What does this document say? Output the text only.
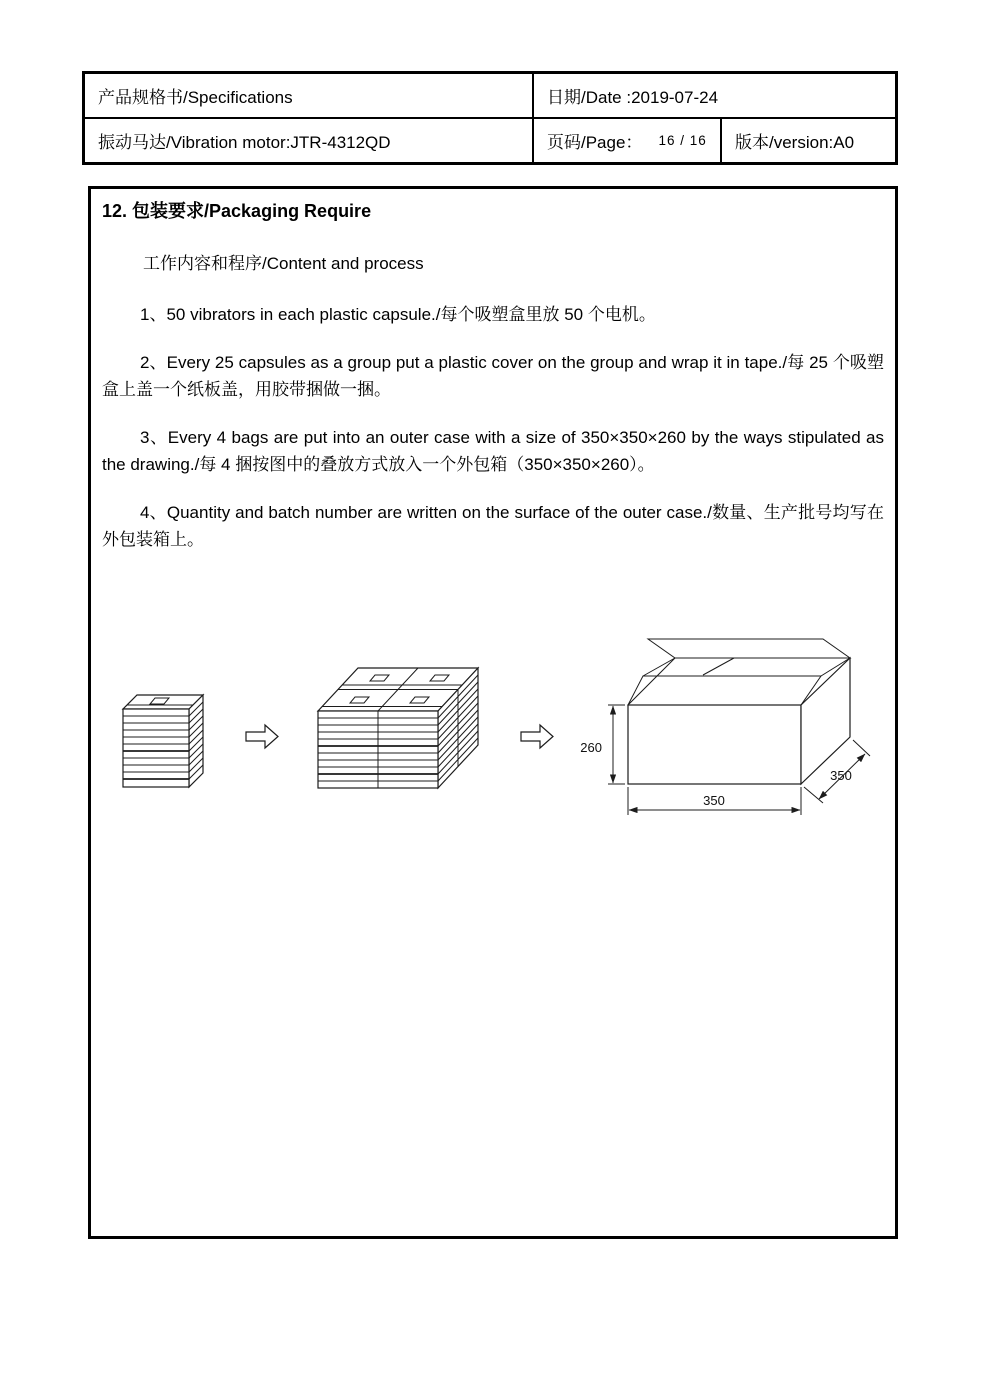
产品规格书/Specifications	日期/Date :2019-07-24
振动马达/Vibration motor:JTR-4312QD	页码/Page： 16 / 16	版本/version:A0
12. 包装要求/Packaging Require
工作内容和程序/Content and process

1、50 vibrators in each plastic capsule./每个吸塑盒里放 50 个电机。

2、Every 25 capsules as a group put a plastic cover on the group and wrap it in tape./每 25 个吸塑盒上盖一个纸板盖，用胶带捆做一捆。

3、Every 4 bags are put into an outer case with a size of 350×350×260 by the ways stipulated as the drawing./每 4 捆按图中的叠放方式放入一个外包箱（350×350×260）。

4、Quantity and batch number are written on the surface of the outer case./数量、生产批号均写在外包装箱上。

260
350
350
